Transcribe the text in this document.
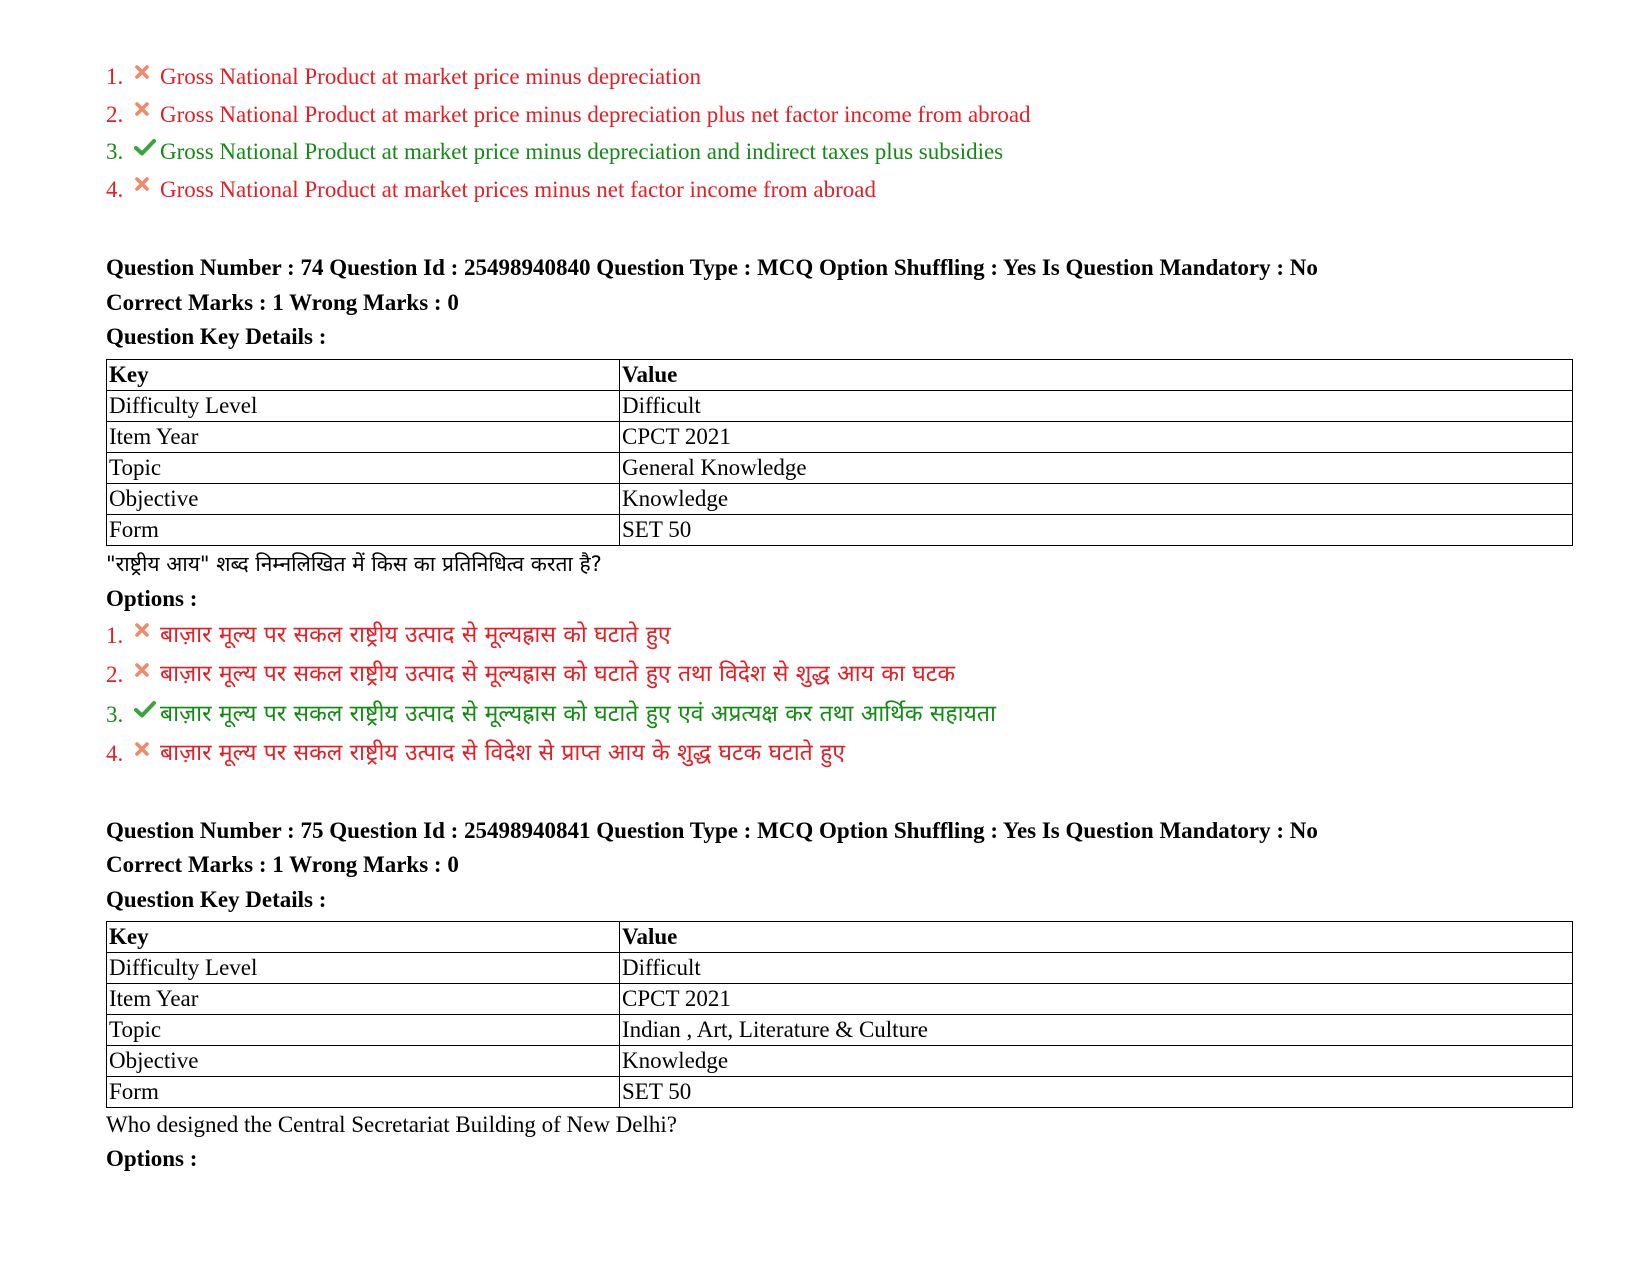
1.	Gross National Product at market price minus depreciation
2.	Gross National Product at market price minus depreciation plus net factor income from abroad
3.	Gross National Product at market price minus depreciation and indirect taxes plus subsidies
4.	Gross National Product at market prices minus net factor income from abroad
Question Number : 74 Question Id : 25498940840 Question Type : MCQ Option Shuffling : Yes Is Question Mandatory : No
Correct Marks : 1 Wrong Marks : 0
Question Key Details :
Key	Value
Difficulty Level	Difficult
Item Year	CPCT 2021
Topic	General Knowledge
Objective	Knowledge
Form	SET 50
"राष्ट्रीय आय" शब्द निम्नलिखित में किस का प्रतिनिधित्व करता है?
Options :
1.	बाज़ार मूल्य पर सकल राष्ट्रीय उत्पाद से मूल्यह्रास को घटाते हुए
2.	बाज़ार मूल्य पर सकल राष्ट्रीय उत्पाद से मूल्यह्रास को घटाते हुए तथा विदेश से शुद्ध आय का घटक
3.	बाज़ार मूल्य पर सकल राष्ट्रीय उत्पाद से मूल्यह्रास को घटाते हुए एवं अप्रत्यक्ष कर तथा आर्थिक सहायता
4.	बाज़ार मूल्य पर सकल राष्ट्रीय उत्पाद से विदेश से प्राप्त आय के शुद्ध घटक घटाते हुए
Question Number : 75 Question Id : 25498940841 Question Type : MCQ Option Shuffling : Yes Is Question Mandatory : No
Correct Marks : 1 Wrong Marks : 0
Question Key Details :
Key	Value
Difficulty Level	Difficult
Item Year	CPCT 2021
Topic	Indian , Art, Literature & Culture
Objective	Knowledge
Form	SET 50
Who designed the Central Secretariat Building of New Delhi?
Options :
